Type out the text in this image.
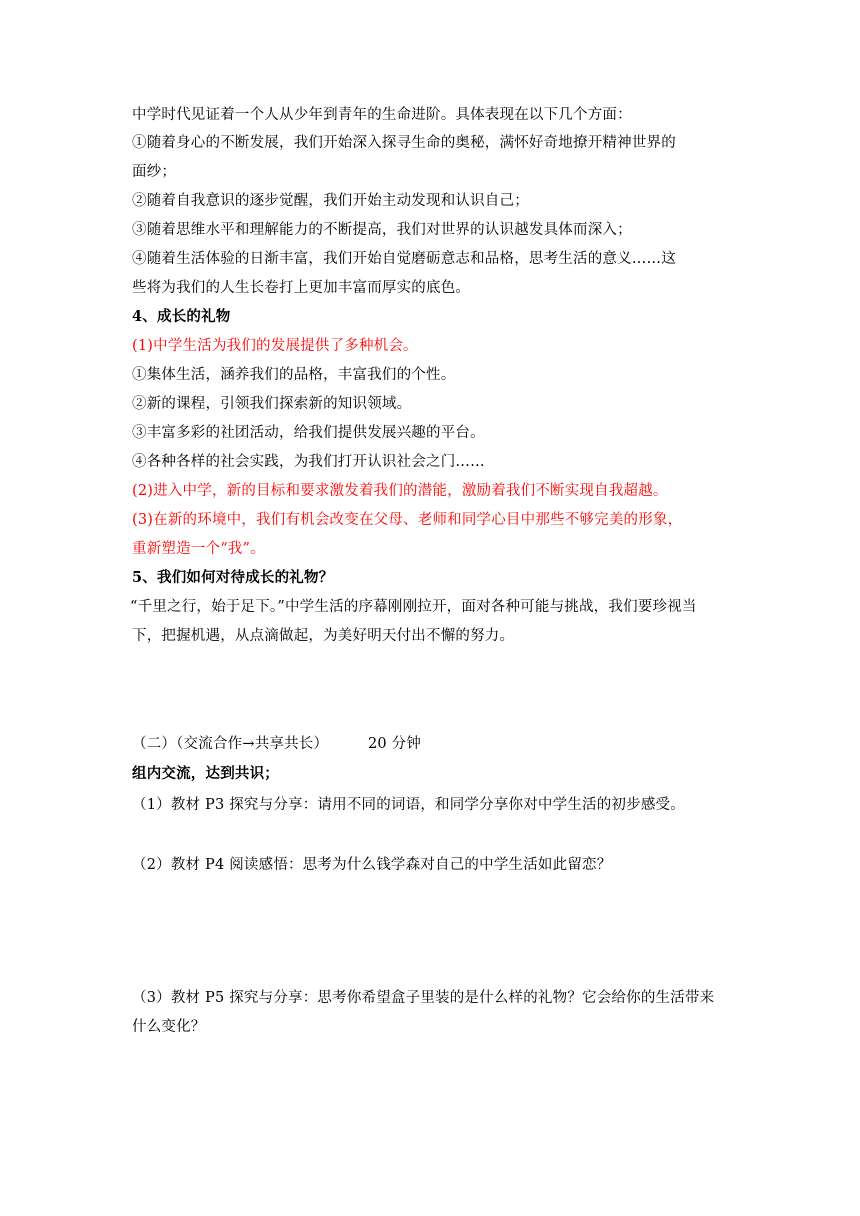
中学时代见证着一个人从少年到青年的生命进阶。具体表现在以下几个方面：
①随着身心的不断发展，我们开始深入探寻生命的奥秘，满怀好奇地撩开精神世界的
面纱；
②随着自我意识的逐步觉醒，我们开始主动发现和认识自己；
③随着思维水平和理解能力的不断提高，我们对世界的认识越发具体而深入；
④随着生活体验的日渐丰富，我们开始自觉磨砺意志和品格，思考生活的意义……这
些将为我们的人生长卷打上更加丰富而厚实的底色。
4、成长的礼物
(1)中学生活为我们的发展提供了多种机会。
①集体生活，涵养我们的品格，丰富我们的个性。
②新的课程，引领我们探索新的知识领域。
③丰富多彩的社团活动，给我们提供发展兴趣的平台。
④各种各样的社会实践，为我们打开认识社会之门……
(2)进入中学，新的目标和要求激发着我们的潜能，激励着我们不断实现自我超越。
(3)在新的环境中，我们有机会改变在父母、老师和同学心目中那些不够完美的形象，
重新塑造一个“我”。
5、我们如何对待成长的礼物？
“千里之行，始于足下。”中学生活的序幕刚刚拉开，面对各种可能与挑战，我们要珍视当
下，把握机遇，从点滴做起，为美好明天付出不懈的努力。
（二）（交流合作→共享共长）	20 分钟
组内交流，达到共识；
（1）教材 P3 探究与分享：请用不同的词语，和同学分享你对中学生活的初步感受。
（2）教材 P4 阅读感悟：思考为什么钱学森对自己的中学生活如此留恋？
（3）教材 P5 探究与分享：思考你希望盒子里装的是什么样的礼物？它会给你的生活带来
什么变化？
